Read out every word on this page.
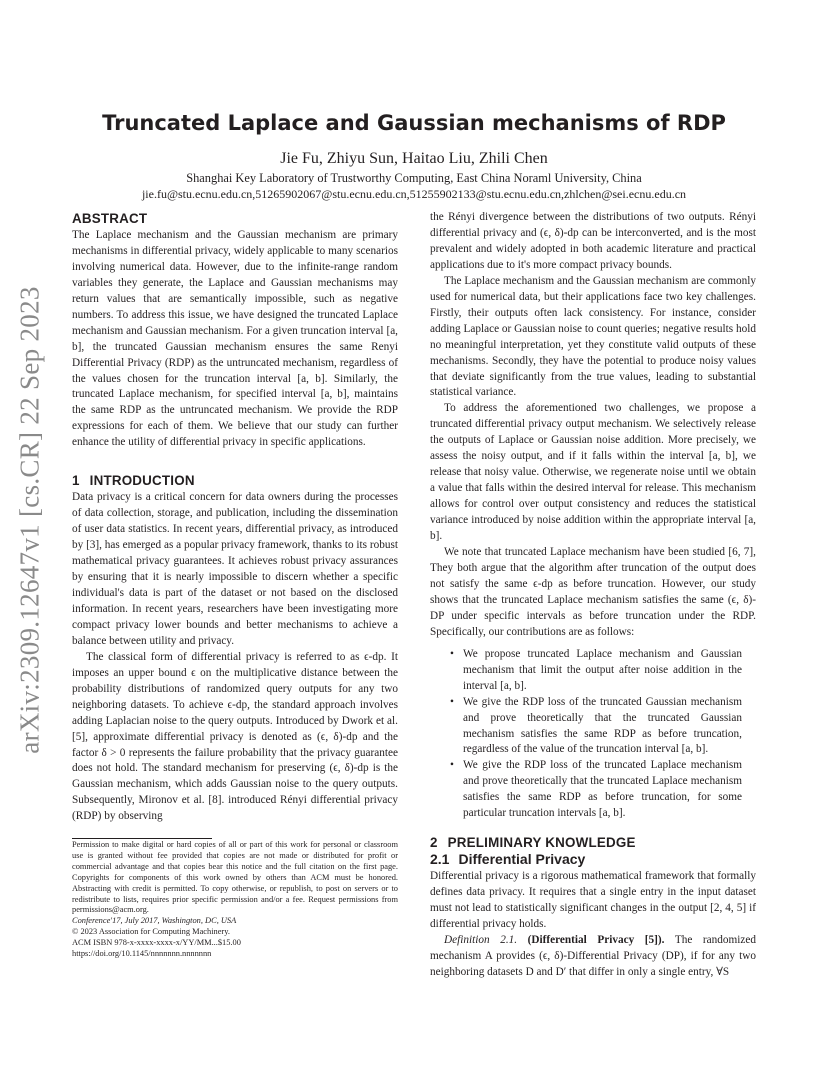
arXiv:2309.12647v1 [cs.CR] 22 Sep 2023
Truncated Laplace and Gaussian mechanisms of RDP
Jie Fu, Zhiyu Sun, Haitao Liu, Zhili Chen
Shanghai Key Laboratory of Trustworthy Computing, East China Noraml University, China
jie.fu@stu.ecnu.edu.cn,51265902067@stu.ecnu.edu.cn,51255902133@stu.ecnu.edu.cn,zhlchen@sei.ecnu.edu.cn
ABSTRACT

The Laplace mechanism and the Gaussian mechanism are primary mechanisms in differential privacy, widely applicable to many scenarios involving numerical data. However, due to the infinite-range random variables they generate, the Laplace and Gaussian mechanisms may return values that are semantically impossible, such as negative numbers. To address this issue, we have designed the truncated Laplace mechanism and Gaussian mechanism. For a given truncation interval [a, b], the truncated Gaussian mechanism ensures the same Renyi Differential Privacy (RDP) as the untruncated mechanism, regardless of the values chosen for the truncation interval [a, b]. Similarly, the truncated Laplace mechanism, for specified interval [a, b], maintains the same RDP as the untruncated mechanism. We provide the RDP expressions for each of them. We believe that our study can further enhance the utility of differential privacy in specific applications.

1 INTRODUCTION

Data privacy is a critical concern for data owners during the processes of data collection, storage, and publication, including the dissemination of user data statistics. In recent years, differential privacy, as introduced by [3], has emerged as a popular privacy framework, thanks to its robust mathematical privacy guarantees. It achieves robust privacy assurances by ensuring that it is nearly impossible to discern whether a specific individual's data is part of the dataset or not based on the disclosed information. In recent years, researchers have been investigating more compact privacy lower bounds and better mechanisms to achieve a balance between utility and privacy.

The classical form of differential privacy is referred to as ϵ-dp. It imposes an upper bound ϵ on the multiplicative distance between the probability distributions of randomized query outputs for any two neighboring datasets. To achieve ϵ-dp, the standard approach involves adding Laplacian noise to the query outputs. Introduced by Dwork et al. [5], approximate differential privacy is denoted as (ϵ, δ)-dp and the factor δ > 0 represents the failure probability that the privacy guarantee does not hold. The standard mechanism for preserving (ϵ, δ)-dp is the Gaussian mechanism, which adds Gaussian noise to the query outputs. Subsequently, Mironov et al. [8]. introduced Rényi differential privacy (RDP) by observing

the Rényi divergence between the distributions of two outputs. Rényi differential privacy and (ϵ, δ)-dp can be interconverted, and is the most prevalent and widely adopted in both academic literature and practical applications due to it's more compact privacy bounds.

The Laplace mechanism and the Gaussian mechanism are commonly used for numerical data, but their applications face two key challenges. Firstly, their outputs often lack consistency. For instance, consider adding Laplace or Gaussian noise to count queries; negative results hold no meaningful interpretation, yet they constitute valid outputs of these mechanisms. Secondly, they have the potential to produce noisy values that deviate significantly from the true values, leading to substantial statistical variance.

To address the aforementioned two challenges, we propose a truncated differential privacy output mechanism. We selectively release the outputs of Laplace or Gaussian noise addition. More precisely, we assess the noisy output, and if it falls within the interval [a, b], we release that noisy value. Otherwise, we regenerate noise until we obtain a value that falls within the desired interval for release. This mechanism allows for control over output consistency and reduces the statistical variance introduced by noise addition within the appropriate interval [a, b].

We note that truncated Laplace mechanism have been studied [6, 7], They both argue that the algorithm after truncation of the output does not satisfy the same ϵ-dp as before truncation. However, our study shows that the truncated Laplace mechanism satisfies the same (ϵ, δ)-DP under specific intervals as before truncation under the RDP. Specifically, our contributions are as follows:

• We propose truncated Laplace mechanism and Gaussian mechanism that limit the output after noise addition in the interval [a, b].
• We give the RDP loss of the truncated Gaussian mechanism and prove theoretically that the truncated Gaussian mechanism satisfies the same RDP as before truncation, regardless of the value of the truncation interval [a, b].
• We give the RDP loss of the truncated Laplace mechanism and prove theoretically that the truncated Laplace mechanism satisfies the same RDP as before truncation, for some particular truncation intervals [a, b].
2 PRELIMINARY KNOWLEDGE
2.1 Differential Privacy

Differential privacy is a rigorous mathematical framework that formally defines data privacy. It requires that a single entry in the input dataset must not lead to statistically significant changes in the output [2, 4, 5] if differential privacy holds.

Definition 2.1. (Differential Privacy [5]). The randomized mechanism A provides (ϵ, δ)-Differential Privacy (DP), if for any two neighboring datasets D and D′ that differ in only a single entry, ∀S

Permission to make digital or hard copies of all or part of this work for personal or classroom use is granted without fee provided that copies are not made or distributed for profit or commercial advantage and that copies bear this notice and the full citation on the first page. Copyrights for components of this work owned by others than ACM must be honored. Abstracting with credit is permitted. To copy otherwise, or republish, to post on servers or to redistribute to lists, requires prior specific permission and/or a fee. Request permissions from permissions@acm.org.

Conference'17, July 2017, Washington, DC, USA

© 2023 Association for Computing Machinery.

ACM ISBN 978-x-xxxx-xxxx-x/YY/MM...$15.00

https://doi.org/10.1145/nnnnnnn.nnnnnnn
